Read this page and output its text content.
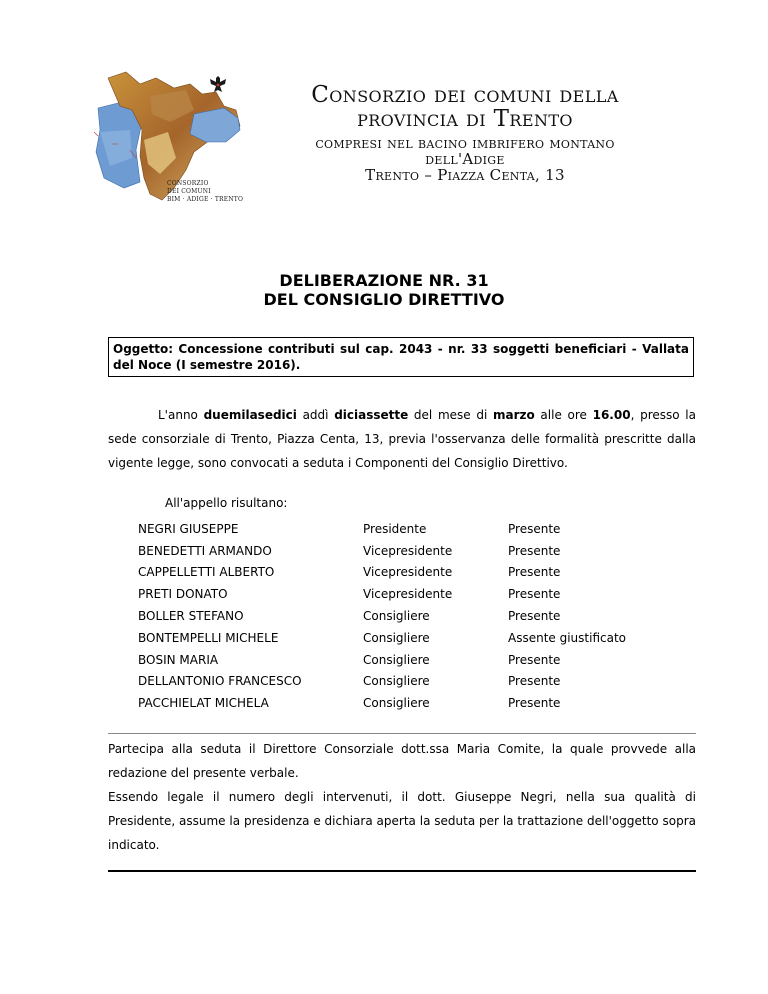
CONSORZIO
DEI COMUNI
BIM · ADIGE · TRENTO
Consorzio dei comuni della
provincia di Trento
compresi nel bacino imbrifero montano
dell'Adige
Trento – Piazza Centa, 13
DELIBERAZIONE NR. 31
DEL CONSIGLIO DIRETTIVO
Oggetto: Concessione contributi sul cap. 2043 - nr. 33 soggetti beneficiari - Vallata del Noce (I semestre 2016).
L'anno duemilasedici addì diciassette del mese di marzo alle ore 16.00, presso la sede consorziale di Trento, Piazza Centa, 13, previa l'osservanza delle formalità prescritte dalla vigente legge, sono convocati a seduta i Componenti del Consiglio Direttivo.
All'appello risultano:
NEGRI GIUSEPPE	Presidente	Presente
BENEDETTI ARMANDO	Vicepresidente	Presente
CAPPELLETTI ALBERTO	Vicepresidente	Presente
PRETI DONATO	Vicepresidente	Presente
BOLLER STEFANO	Consigliere	Presente
BONTEMPELLI MICHELE	Consigliere	Assente giustificato
BOSIN MARIA	Consigliere	Presente
DELLANTONIO FRANCESCO	Consigliere	Presente
PACCHIELAT MICHELA	Consigliere	Presente
Partecipa alla seduta il Direttore Consorziale dott.ssa Maria Comite, la quale provvede alla redazione del presente verbale.
Essendo legale il numero degli intervenuti, il dott. Giuseppe Negri, nella sua qualità di Presidente, assume la presidenza e dichiara aperta la seduta per la trattazione dell'oggetto sopra indicato.
